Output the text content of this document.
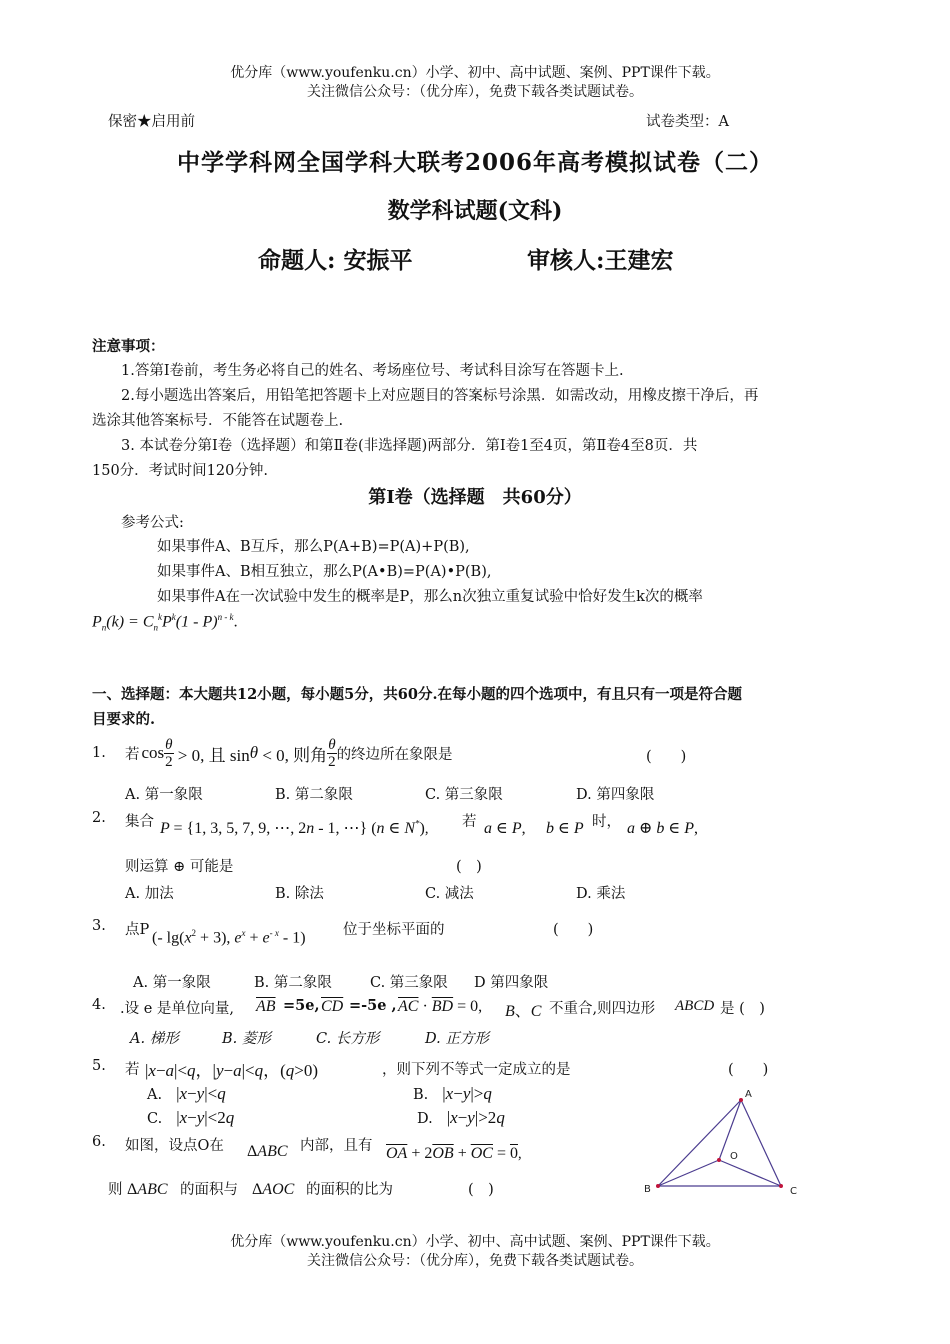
优分库（www.youfenku.cn）小学、初中、高中试题、案例、PPT课件下载。
关注微信公众号：（优分库），免费下载各类试题试卷。
保密★启用前	试卷类型：A
中学学科网全国学科大联考2006年高考模拟试卷（二）
数学科试题(文科)
命题人: 安振平	审核人:王建宏
注意事项：
1.答第Ⅰ卷前，考生务必将自己的姓名、考场座位号、考试科目涂写在答题卡上.
2.每小题选出答案后，用铅笔把答题卡上对应题目的答案标号涂黑．如需改动，用橡皮擦干净后，再
选涂其他答案标号．不能答在试题卷上.
3. 本试卷分第Ⅰ卷（选择题）和第Ⅱ卷(非选择题)两部分．第Ⅰ卷1至4页，第Ⅱ卷4至8页．共
150分．考试时间120分钟.
第Ⅰ卷（选择题　共60分）
参考公式:
如果事件A、B互斥，那么P(A+B)=P(A)+P(B),
如果事件A、B相互独立，那么P(A•B)=P(A)•P(B),
如果事件A在一次试验中发生的概率是P，那么n次独立重复试验中恰好发生k次的概率
$P_n(k) = C_n^kP^k(1 - P)^{n - k}$.
一、选择题：本大题共12小题，每小题5分，共60分.在每小题的四个选项中，有且只有一项是符合题
目要求的.
1. 若 $\cos \frac{\theta}{2} > 0$, 且 sin θ < 0, 则角 $\frac{\theta}{2}$ 的终边所在象限是	(　　)
A. 第一象限	B. 第二象限	C. 第三象限	D. 第四象限
2. 集合 P = {1, 3, 5, 7, 9, ⋯, 2n - 1, ⋯} (n ∈ N*), 若 a ∈ P, b ∈ P 时， a ⊕ b ∈ P,
则运算 ⊕ 可能是	(　)
A. 加法	B. 除法	C. 减法	D. 乘法
3. 点P (- $\lg(x^2 + 3)$, $e^x + e^{- x} - 1$)	位于坐标平面的	(　　)
A. 第一象限	B. 第二象限	C. 第三象限 D 第四象限
4. .设 e 是单位向量, $\overline{AB} =5e$, $\overline{CD} =-5e$ , $\overline{AC} \cdot \overline{BD} = 0$, B、C 不重合,则四边形 ABCD 是 (　)
A. 梯形	B. 菱形	C. 长方形	D. 正方形
5. 若 |x−a|<q，|y−a|<q，(q>0)	，则下列不等式一定成立的是	(　　)
A. |x−y|<q	B. |x−y|>q
C. |x−y|<2q	D. |x−y|>2q
6. 如图，设点O在 ΔABC 内部，且有 $\overline{OA} + 2\overline{OB} + \overline{OC} = 0$,
则 ΔABC 的面积与 ΔAOC 的面积的比为	(　)
A
B	C
O
优分库（www.youfenku.cn）小学、初中、高中试题、案例、PPT课件下载。
关注微信公众号：（优分库），免费下载各类试题试卷。
